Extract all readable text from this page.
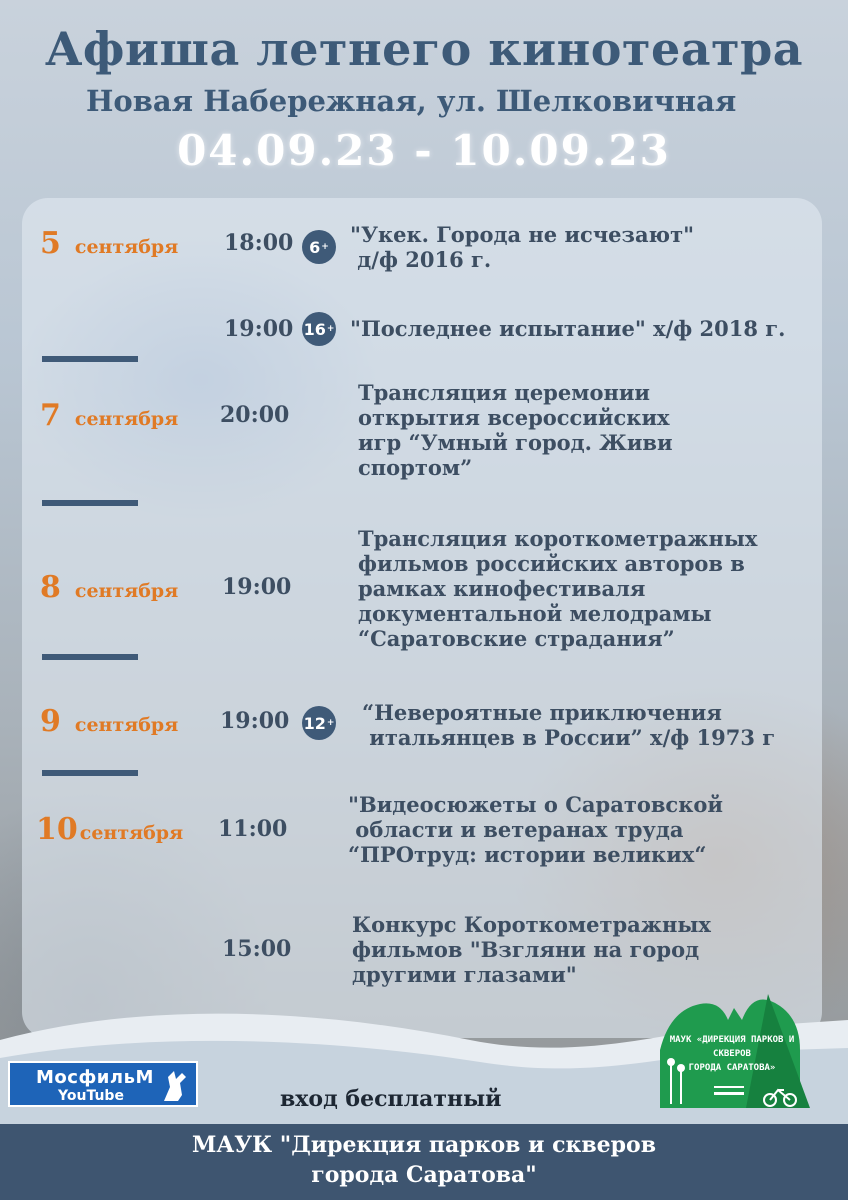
Афиша летнего кинотеатра
Новая Набережная, ул. Шелковичная
04.09.23 - 10.09.23
5 сентября 18:00 6 + "Укек. Города не исчезают"
д/ф 2016 г.
19:00 16 + "Последнее испытание" х/ф 2018 г.
7 сентября 20:00
Трансляция церемонии
открытия всероссийских
игр “Умный город. Живи
спортом”
8 сентября 19:00
Трансляция короткометражных
фильмов российских авторов в
рамках кинофестиваля
документальной мелодрамы
“Саратовские страдания”
9 сентября 19:00 12 + “Невероятные приключения
итальянцев в России” х/ф 1973 г
10 сентября 11:00
"Видеосюжеты о Саратовской
области и ветеранах труда
“ПРОтруд: истории великих“
15:00
Конкурс Короткометражных
фильмов "Взгляни на город
другими глазами"
МосфильМ
YouTube	вход бесплатный
МАУК «ДИРЕКЦИЯ ПАРКОВ И СКВЕРОВ
ГОРОДА САРАТОВА»
МАУК "Дирекция парков и скверов
города Саратова"
